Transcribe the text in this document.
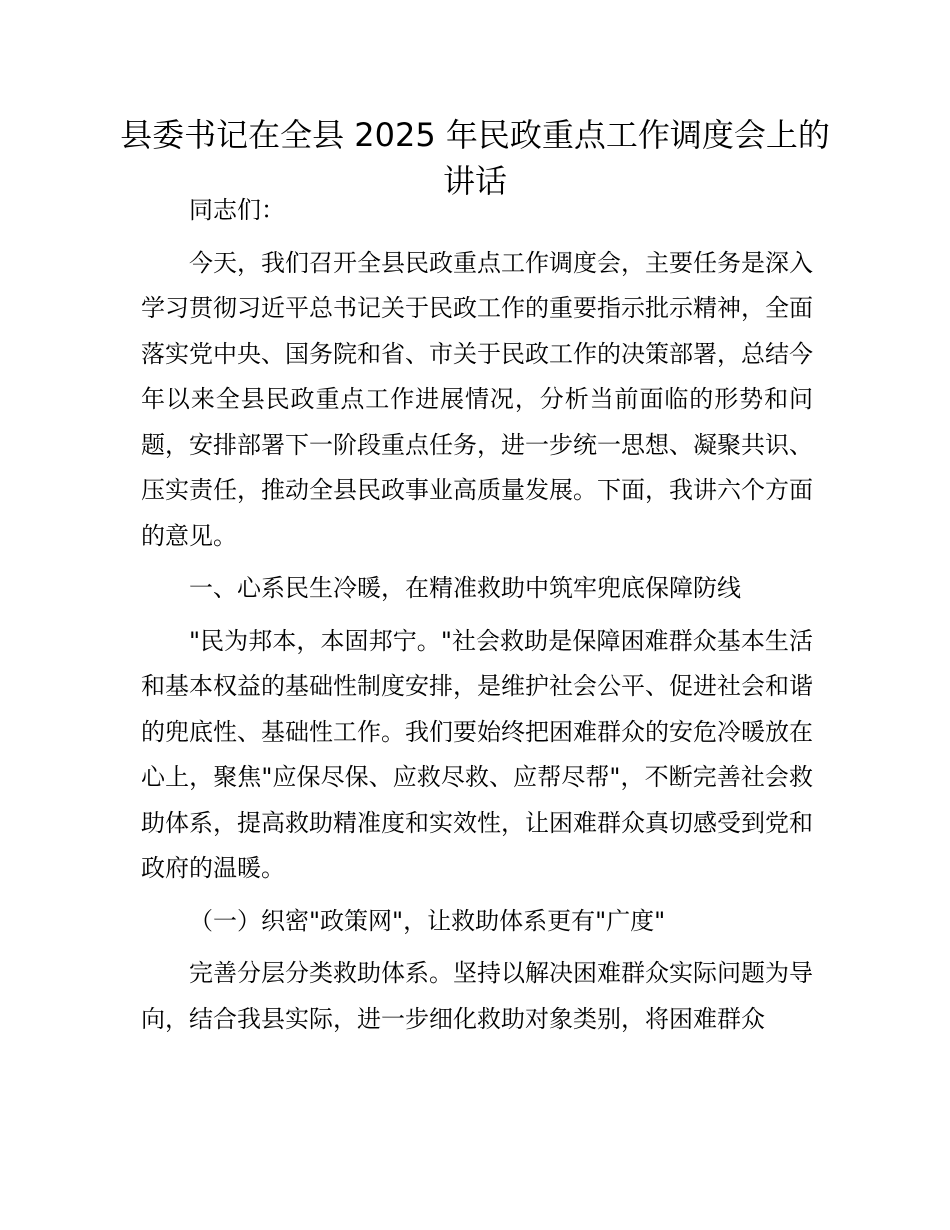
县委书记在全县 2025 年民政重点工作调度会上的讲话

同志们：

今天，我们召开全县民政重点工作调度会，主要任务是深入学习贯彻习近平总书记关于民政工作的重要指示批示精神，全面落实党中央、国务院和省、市关于民政工作的决策部署，总结今年以来全县民政重点工作进展情况，分析当前面临的形势和问题，安排部署下一阶段重点任务，进一步统一思想、凝聚共识、压实责任，推动全县民政事业高质量发展。下面，我讲六个方面的意见。

一、心系民生冷暖，在精准救助中筑牢兜底保障防线

"民为邦本，本固邦宁。"社会救助是保障困难群众基本生活和基本权益的基础性制度安排，是维护社会公平、促进社会和谐的兜底性、基础性工作。我们要始终把困难群众的安危冷暖放在心上，聚焦"应保尽保、应救尽救、应帮尽帮"，不断完善社会救助体系，提高救助精准度和实效性，让困难群众真切感受到党和政府的温暖。

（一）织密"政策网"，让救助体系更有"广度"

完善分层分类救助体系。坚持以解决困难群众实际问题为导向，结合我县实际，进一步细化救助对象类别，将困难群众
